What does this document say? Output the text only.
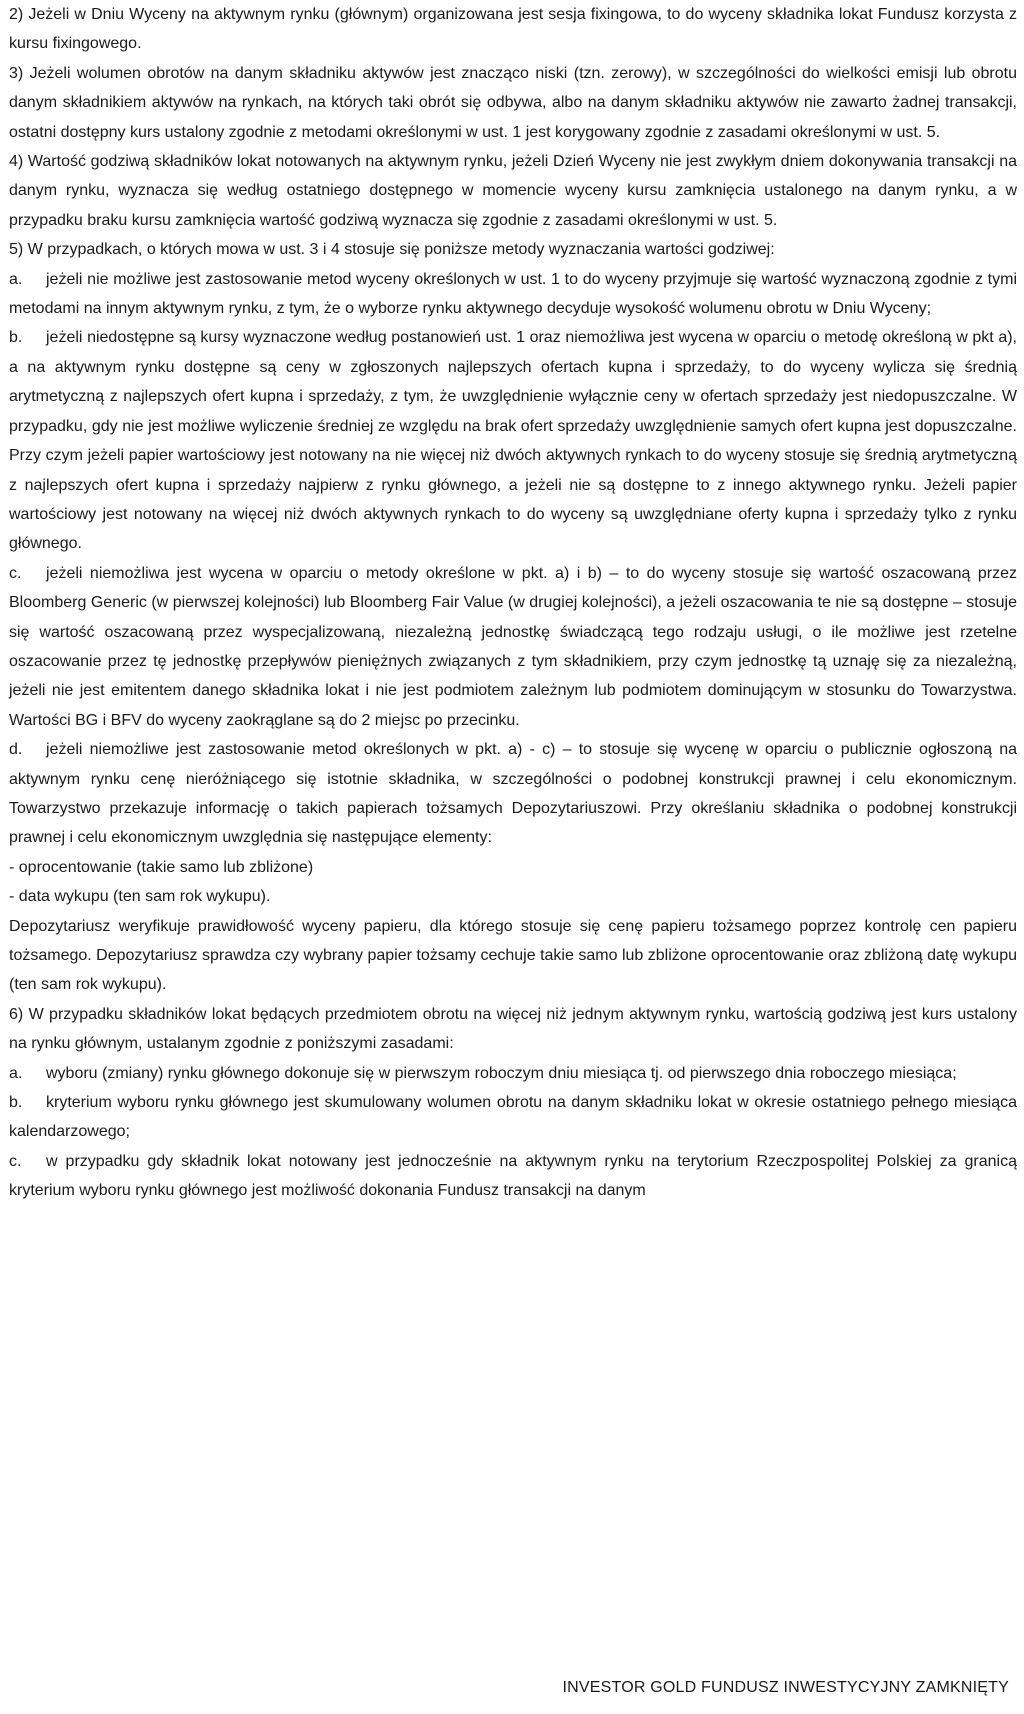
2) Jeżeli w Dniu Wyceny na aktywnym rynku (głównym) organizowana jest sesja fixingowa, to do wyceny składnika lokat Fundusz korzysta z kursu fixingowego.

3) Jeżeli wolumen obrotów na danym składniku aktywów jest znacząco niski (tzn. zerowy), w szczególności do wielkości emisji lub obrotu danym składnikiem aktywów na rynkach, na których taki obrót się odbywa, albo na danym składniku aktywów nie zawarto żadnej transakcji, ostatni dostępny kurs ustalony zgodnie z metodami określonymi w ust. 1 jest korygowany zgodnie z zasadami określonymi w ust. 5.

4) Wartość godziwą składników lokat notowanych na aktywnym rynku, jeżeli Dzień Wyceny nie jest zwykłym dniem dokonywania transakcji na danym rynku, wyznacza się według ostatniego dostępnego w momencie wyceny kursu zamknięcia ustalonego na danym rynku, a w przypadku braku kursu zamknięcia wartość godziwą wyznacza się zgodnie z zasadami określonymi w ust. 5.

5) W przypadkach, o których mowa w ust. 3 i 4 stosuje się poniższe metody wyznaczania wartości godziwej:

a. jeżeli nie możliwe jest zastosowanie metod wyceny określonych w ust. 1 to do wyceny przyjmuje się wartość wyznaczoną zgodnie z tymi metodami na innym aktywnym rynku, z tym, że o wyborze rynku aktywnego decyduje wysokość wolumenu obrotu w Dniu Wyceny;

b. jeżeli niedostępne są kursy wyznaczone według postanowień ust. 1 oraz niemożliwa jest wycena w oparciu o metodę określoną w pkt a), a na aktywnym rynku dostępne są ceny w zgłoszonych najlepszych ofertach kupna i sprzedaży, to do wyceny wylicza się średnią arytmetyczną z najlepszych ofert kupna i sprzedaży, z tym, że uwzględnienie wyłącznie ceny w ofertach sprzedaży jest niedopuszczalne. W przypadku, gdy nie jest możliwe wyliczenie średniej ze względu na brak ofert sprzedaży uwzględnienie samych ofert kupna jest dopuszczalne. Przy czym jeżeli papier wartościowy jest notowany na nie więcej niż dwóch aktywnych rynkach to do wyceny stosuje się średnią arytmetyczną z najlepszych ofert kupna i sprzedaży najpierw z rynku głównego, a jeżeli nie są dostępne to z innego aktywnego rynku. Jeżeli papier wartościowy jest notowany na więcej niż dwóch aktywnych rynkach to do wyceny są uwzględniane oferty kupna i sprzedaży tylko z rynku głównego.

c. jeżeli niemożliwa jest wycena w oparciu o metody określone w pkt. a) i b) – to do wyceny stosuje się wartość oszacowaną przez Bloomberg Generic (w pierwszej kolejności) lub Bloomberg Fair Value (w drugiej kolejności), a jeżeli oszacowania te nie są dostępne – stosuje się wartość oszacowaną przez wyspecjalizowaną, niezależną jednostkę świadczącą tego rodzaju usługi, o ile możliwe jest rzetelne oszacowanie przez tę jednostkę przepływów pieniężnych związanych z tym składnikiem, przy czym jednostkę tą uznaję się za niezależną, jeżeli nie jest emitentem danego składnika lokat i nie jest podmiotem zależnym lub podmiotem dominującym w stosunku do Towarzystwa. Wartości BG i BFV do wyceny zaokrąglane są do 2 miejsc po przecinku.

d. jeżeli niemożliwe jest zastosowanie metod określonych w pkt. a) - c) – to stosuje się wycenę w oparciu o publicznie ogłoszoną na aktywnym rynku cenę nieróżniącego się istotnie składnika, w szczególności o podobnej konstrukcji prawnej i celu ekonomicznym. Towarzystwo przekazuje informację o takich papierach tożsamych Depozytariuszowi. Przy określaniu składnika o podobnej konstrukcji prawnej i celu ekonomicznym uwzględnia się następujące elementy:

- oprocentowanie (takie samo lub zbliżone)

- data wykupu (ten sam rok wykupu).

Depozytariusz weryfikuje prawidłowość wyceny papieru, dla którego stosuje się cenę papieru tożsamego poprzez kontrolę cen papieru tożsamego. Depozytariusz sprawdza czy wybrany papier tożsamy cechuje takie samo lub zbliżone oprocentowanie oraz zbliżoną datę wykupu (ten sam rok wykupu).

6) W przypadku składników lokat będących przedmiotem obrotu na więcej niż jednym aktywnym rynku, wartością godziwą jest kurs ustalony na rynku głównym, ustalanym zgodnie z poniższymi zasadami:

a. wyboru (zmiany) rynku głównego dokonuje się w pierwszym roboczym dniu miesiąca tj. od pierwszego dnia roboczego miesiąca;

b. kryterium wyboru rynku głównego jest skumulowany wolumen obrotu na danym składniku lokat w okresie ostatniego pełnego miesiąca kalendarzowego;

c. w przypadku gdy składnik lokat notowany jest jednocześnie na aktywnym rynku na terytorium Rzeczpospolitej Polskiej za granicą kryterium wyboru rynku głównego jest możliwość dokonania Fundusz transakcji na danym

INVESTOR GOLD FUNDUSZ INWESTYCYJNY ZAMKNIĘTY
